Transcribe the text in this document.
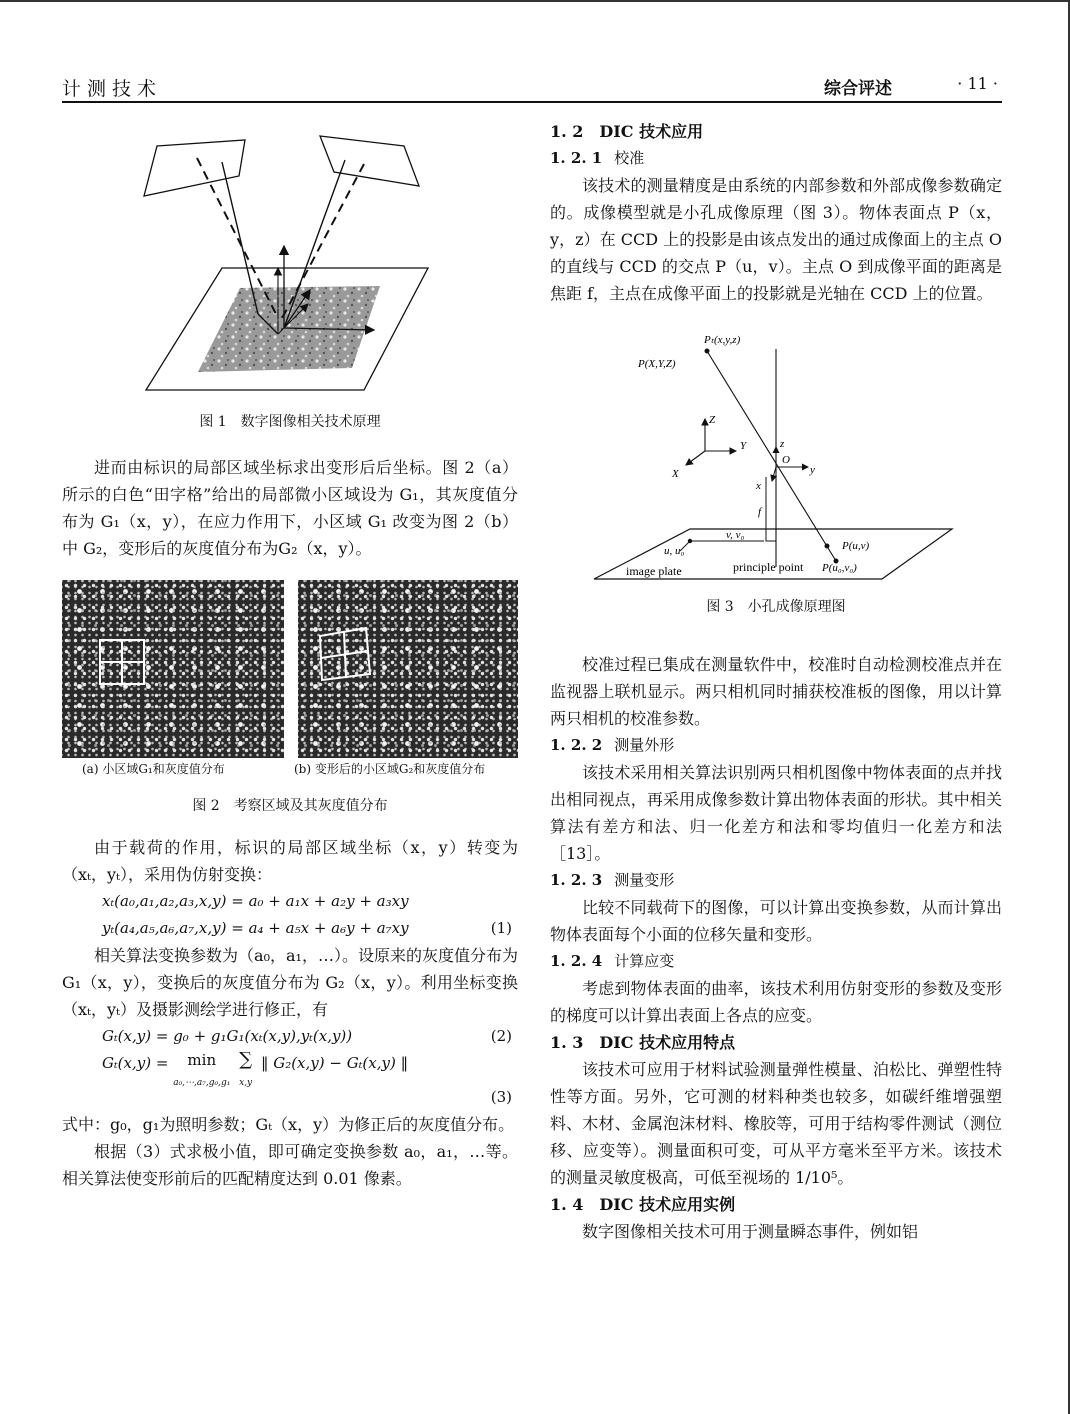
计测技术	综合评述	· 11 ·
图 1　数字图像相关技术原理

进而由标识的局部区域坐标求出变形后后坐标。图 2（a）所示的白色“田字格”给出的局部微小区域设为 G₁，其灰度值分布为 G₁（x，y），在应力作用下，小区域 G₁ 改变为图 2（b）中 G₂，变形后的灰度值分布为G₂（x，y）。

(a) 小区域G₁和灰度值分布	(b) 变形后的小区域G₂和灰度值分布
图 2　考察区域及其灰度值分布

由于载荷的作用，标识的局部区域坐标（x，y）转变为（xₜ，yₜ），采用伪仿射变换：

xₜ(a₀,a₁,a₂,a₃,x,y) = a₀ + a₁x + a₂y + a₃xy
yₜ(a₄,a₅,a₆,a₇,x,y) = a₄ + a₅x + a₆y + a₇xy	(1)

相关算法变换参数为（a₀，a₁，…）。设原来的灰度值分布为 G₁（x，y），变换后的灰度值分布为 G₂（x，y）。利用坐标变换（xₜ，yₜ）及摄影测绘学进行修正，有

Gₜ(x,y) = g₀ + g₁G₁(xₜ(x,y),yₜ(x,y))	(2)
Gₜ(x,y) = min
a₀,⋯,a₇,g₀,g₁ ∑
x,y ‖ G₂(x,y) − Gₜ(x,y) ‖
(3)

式中：g₀，g₁为照明参数；Gₜ（x，y）为修正后的灰度值分布。

根据（3）式求极小值，即可确定变换参数 a₀，a₁，…等。相关算法使变形前后的匹配精度达到 0.01 像素。

1. 2　DIC 技术应用
1. 2. 1 校准

该技术的测量精度是由系统的内部参数和外部成像参数确定的。成像模型就是小孔成像原理（图 3）。物体表面点 P（x，y，z）在 CCD 上的投影是由该点发出的通过成像面上的主点 O 的直线与 CCD 的交点 P（u，v）。主点 O 到成像平面的距离是焦距 f，主点在成像平面上的投影就是光轴在 CCD 上的位置。

Pₜ(x,y,z)
P(X,Y,Z)
Z
Y
X
z
O
y
x
f
P(u,v)
v, v₀
u, u₀
image plate	principle point P(u₀,v₀)
图 3　小孔成像原理图

校准过程已集成在测量软件中，校准时自动检测校准点并在监视器上联机显示。两只相机同时捕获校准板的图像，用以计算两只相机的校准参数。

1. 2. 2 测量外形

该技术采用相关算法识别两只相机图像中物体表面的点并找出相同视点，再采用成像参数计算出物体表面的形状。其中相关算法有差方和法、归一化差方和法和零均值归一化差方和法［13］。

1. 2. 3 测量变形

比较不同载荷下的图像，可以计算出变换参数，从而计算出物体表面每个小面的位移矢量和变形。

1. 2. 4 计算应变

考虑到物体表面的曲率，该技术利用仿射变形的参数及变形的梯度可以计算出表面上各点的应变。

1. 3　DIC 技术应用特点

该技术可应用于材料试验测量弹性模量、泊松比、弹塑性特性等方面。另外，它可测的材料种类也较多，如碳纤维增强塑料、木材、金属泡沫材料、橡胶等，可用于结构零件测试（测位移、应变等）。测量面积可变，可从平方毫米至平方米。该技术的测量灵敏度极高，可低至视场的 1/10⁵。

1. 4　DIC 技术应用实例

数字图像相关技术可用于测量瞬态事件，例如铝
